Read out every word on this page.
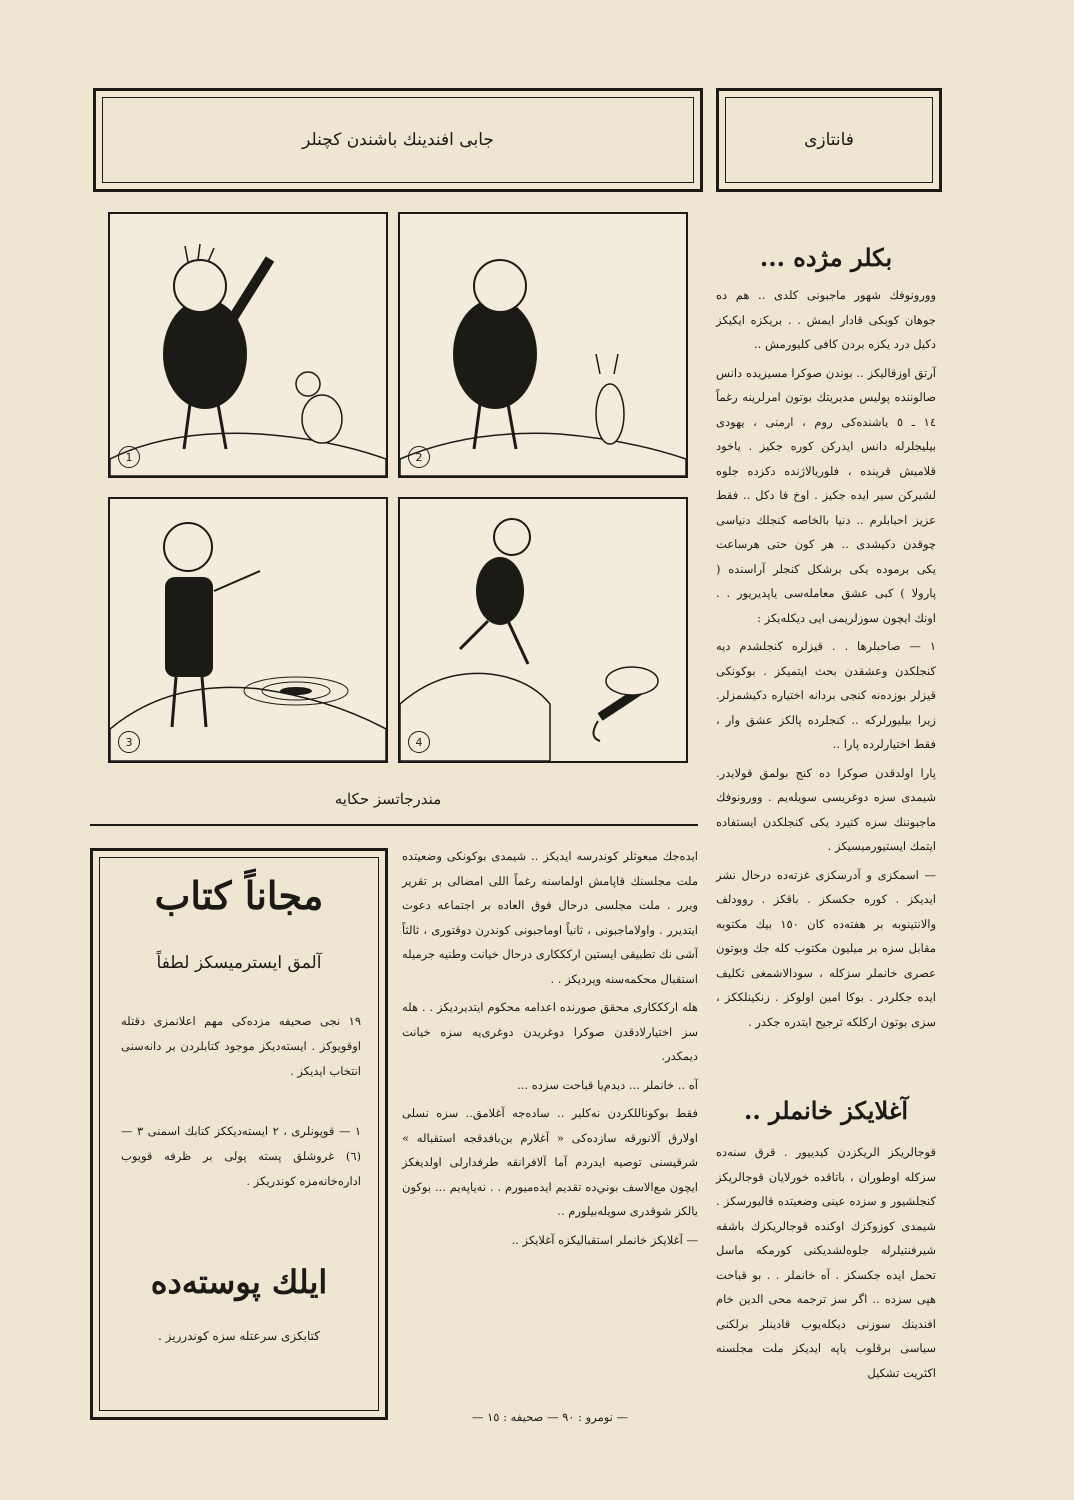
جابی افندینك باشندن كچنلر	فانتازی
1	2
3	4
مندرجاتسز حكایه
بكلر مژده ...

وورونوفك شهور ماجبونی كلدی .. هم ده جوهان كوبكی قادار ایمش . . بریكزه ایكیكز دكیل درد یكزه بردن كافی كلیورمش ..

آرتق اوزقالیكز .. بوندن صوكرا مسیزیده دانس صالوننده پولیس مدیریتك بوتون امرلرینه رغماً ١٤ ـ ٥ یاشنده‌كی روم ، ارمنی ، یهودی بیلیجلرله دانس ایدركن كوره جكیز . یاخود قلامیش قرینده ، فلوریالاژنده دكزده جلوه لشیركن سیر ایده جكیز . اوخ فا دكل .. فقط عزیز احبابلرم .. دنیا بالخاصه كنجلك دنیاسی چوقدن دكیشدی .. هر كون حتی هرساعت یكی برموده یكی برشكل كنجلر آراسنده ( پارولا ) كبی عشق معامله‌سی یاپدیریور . . اونك ایچون سوزلریمی ایی دیكله‌یكز :

١ — صاحبلرها . . قیزلره كنجلشدم دیه كنجلكدن وعشقدن بحث ایتمیكز . بوكونكی قیزلر بوزده‌نه كنجی بردانه اختیاره دكیشمزلر. زیرا بیلیورلركه .. كنجلرده پالكز عشق وار ، فقط اختیارلرده پارا ..

پارا اولدقدن صوكرا ده كنج بولمق قولایدر. شیمدی سزه دوغریسی سویله‌یم . وورونوفك ماجبوننك سزه كتیرد یكی كنجلكدن ایستفاده ایتمك ایستیورمیسیكز .

— اسمكزی و آدرسكزی غزته‌ده درحال نشر ایدیكز . كوره جكسكز . باقكز . روودلف والانتینوبه بر هفته‌ده كان ١٥٠ بیك مكتوبه مقابل سزه بر میلیون مكتوب كله جك وبوتون عصری خانملر سزكله ، سودالاشمغی تكلیف ایده جكلردر . بوكا امین اولوكز . زنكینلككز ، سزی بوتون اركلكه ترجیح ایتدره جكدر .

آغلایكز خانملر ..

قوجالریكز الریكزدن كیدییور . قرق سنه‌ده سزكله اوطوران ، باتاقده خورلایان قوجالریكز كنجلشیور و سزده عینی وضعیتده قالیورسكز . شیمدی كوزوكزك اوكنده قوجالریكزك باشقه شیرفنتیلرله جلوه‌لشدیكنی كورمكه ماسل تحمل ایده جكسكز . آه خانملر . . بو قباحت هپی سزده .. اگر سز ترجمه محی الدین خام افندینك سوزنی دیكله‌یوب قادینلر برلكنی سیاسی برقلوب یاپه ایدیكز ملت مجلسنه اكثریت تشكیل

ایده‌جك مبعوثلر كوندرسه ایدیكز .. شیمدی بوكونكی وضعیتده ملت مجلسنك قاپامش اولماسنه رغماً اللی امضالی بر تقریر ویرر . ملت مجلسی درحال فوق العاده بر اجتماعه دعوت ایتدیرر . واولاماجبونی ، ثانیاً اوماجبونی كوندرن دوقتوری ، ثالثاً آشی نك تطبیقی ایستین اركككاری درحال خیانت وطنیه جرمیله استقبال محكمه‌سنه ویردیكز . .

هله اركككاری محقق صورنده اعدامه محكوم ایتدیردیكز . . هله سز اختیارلادقدن صوكرا دوغریدن دوغری‌یه سزه خیانت دیمكدر.

آه .. خانملر ... دیدم‌یا قباحت سزده ...

فقط بوكوناللكردن نه‌كلیر .. ساده‌جه آغلامق.. سزه نسلی اولارق آلانورقه سازده‌كی « آغلارم بن‌بافدقجه استقباله » شرقیسنی توصیه ایدردم آما آلافرانقه طرفدارلی اولدیغكز ایچون مع‌الاسف بوني‌ده تقدیم ایده‌میورم . . نه‌یاپه‌یم ... بوكون یالكز شوقدری سویله‌بیلورم ..

— آغلایكز خانملر استقباليكزه آغلایكز ..

— نومرو : ٩٠ — صحیفه : ١٥ —
مجاناً كتاب
آلمق ایسترمیسكز لطفاً
١٩ نجی صحیفه مزده‌كی مهم اعلانمزی دقتله اوقویوكز . ایسته‌دیكز موجود كتابلردن بر دانه‌سنی انتخاب ایدیكز .
١ — قوپونلری ، ٢ ایسته‌دیككز كتابك اسمنی ٣ — (٦) غروشلق پسته پولی بر ظرفه قویوب اداره‌خانه‌مزه كوندریكز .
ایلك پوسته‌ده
كتابكزی سرعتله سزه كوندرریز .
